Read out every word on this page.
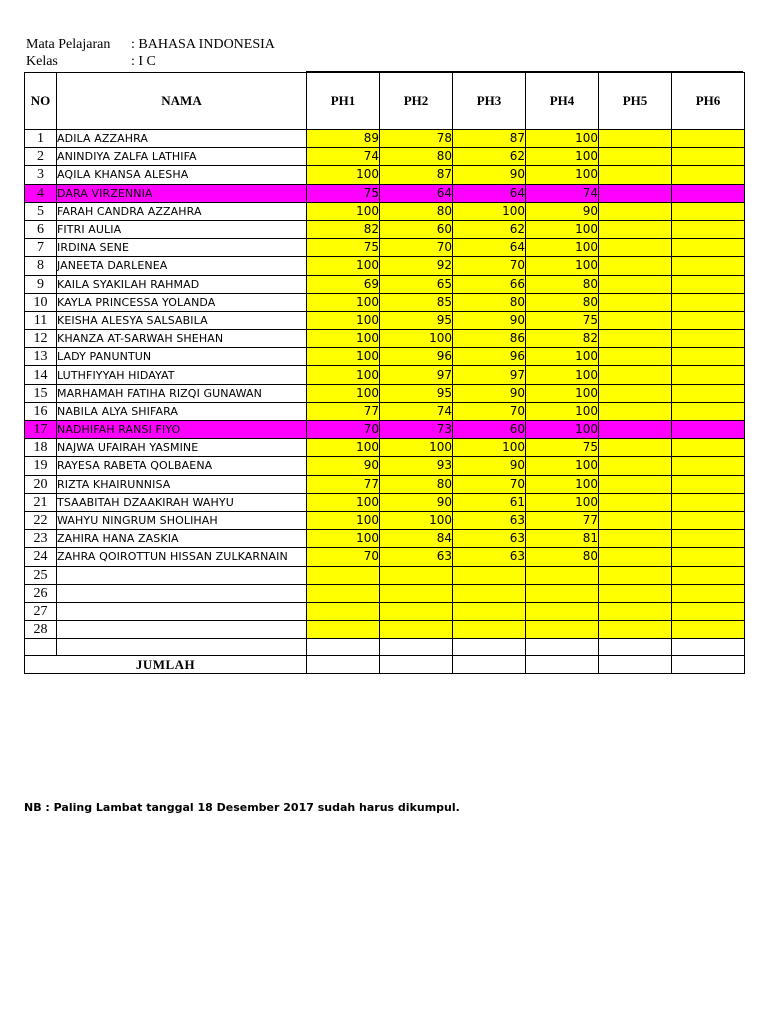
Mata Pelajaran : BAHASA INDONESIA
Kelas	: I C
NO	NAMA	PH1	PH2	PH3	PH4	PH5	PH6
1	ADILA AZZAHRA	89	78	87	100		
2	ANINDIYA ZALFA LATHIFA	74	80	62	100		
3	AQILA KHANSA ALESHA	100	87	90	100		
4	DARA VIRZENNIA	75	64	64	74		
5	FARAH CANDRA AZZAHRA	100	80	100	90		
6	FITRI AULIA	82	60	62	100		
7	IRDINA SENE	75	70	64	100		
8	JANEETA DARLENEA	100	92	70	100		
9	KAILA SYAKILAH RAHMAD	69	65	66	80		
10	KAYLA PRINCESSA YOLANDA	100	85	80	80		
11	KEISHA ALESYA SALSABILA	100	95	90	75		
12	KHANZA AT-SARWAH SHEHAN	100	100	86	82		
13	LADY PANUNTUN	100	96	96	100		
14	LUTHFIYYAH HIDAYAT	100	97	97	100		
15	MARHAMAH FATIHA RIZQI GUNAWAN	100	95	90	100		
16	NABILA ALYA SHIFARA	77	74	70	100		
17	NADHIFAH RANSI FIYO	70	73	60	100		
18	NAJWA UFAIRAH YASMINE	100	100	100	75		
19	RAYESA RABETA QOLBAENA	90	93	90	100		
20	RIZTA KHAIRUNNISA	77	80	70	100		
21	TSAABITAH DZAAKIRAH WAHYU	100	90	61	100		
22	WAHYU NINGRUM SHOLIHAH	100	100	63	77		
23	ZAHIRA HANA ZASKIA	100	84	63	81		
24	ZAHRA QOIROTTUN HISSAN ZULKARNAIN	70	63	63	80		
25							
26							
27							
28							

JUMLAH							
NB : Paling Lambat tanggal 18 Desember 2017 sudah harus dikumpul.
